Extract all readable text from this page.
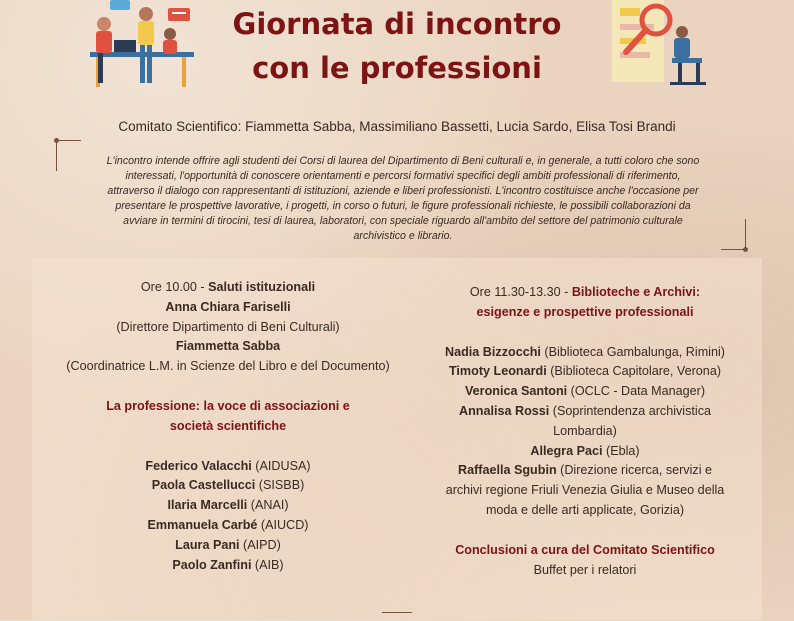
Giornata di incontro
con le professioni
Comitato Scientifico: Fiammetta Sabba, Massimiliano Bassetti, Lucia Sardo, Elisa Tosi Brandi
L'incontro intende offrire agli studenti dei Corsi di laurea del Dipartimento di Beni culturali e, in generale, a tutti coloro che sono
interessati, l'opportunità di conoscere orientamenti e percorsi formativi specifici degli ambiti professionali di riferimento,
attraverso il dialogo con rappresentanti di istituzioni, aziende e liberi professionisti. L'incontro costituisce anche l'occasione per
presentare le prospettive lavorative, i progetti, in corso o futuri, le figure professionali richieste, le possibili collaborazioni da
avviare in termini di tirocini, tesi di laurea, laboratori, con speciale riguardo all'ambito del settore del patrimonio culturale
archivistico e librario.
Ore 10.00 - Saluti istituzionali
Anna Chiara Fariselli
(Direttore Dipartimento di Beni Culturali)
Fiammetta Sabba
(Coordinatrice L.M. in Scienze del Libro e del Documento)
La professione: la voce di associazioni e
società scientifiche
Federico Valacchi (AIDUSA)
Paola Castellucci (SISBB)
Ilaria Marcelli (ANAI)
Emmanuela Carbé (AIUCD)
Laura Pani (AIPD)
Paolo Zanfini (AIB)
Ore 11.30-13.30 - Biblioteche e Archivi:
esigenze e prospettive professionali
Nadia Bizzocchi (Biblioteca Gambalunga, Rimini)
Timoty Leonardi (Biblioteca Capitolare, Verona)
Veronica Santoni (OCLC - Data Manager)
Annalisa Rossi (Soprintendenza archivistica
Lombardia)
Allegra Paci (Ebla)
Raffaella Sgubin (Direzione ricerca, servizi e
archivi regione Friuli Venezia Giulia e Museo della
moda e delle arti applicate, Gorizia)
Conclusioni a cura del Comitato Scientifico
Buffet per i relatori
